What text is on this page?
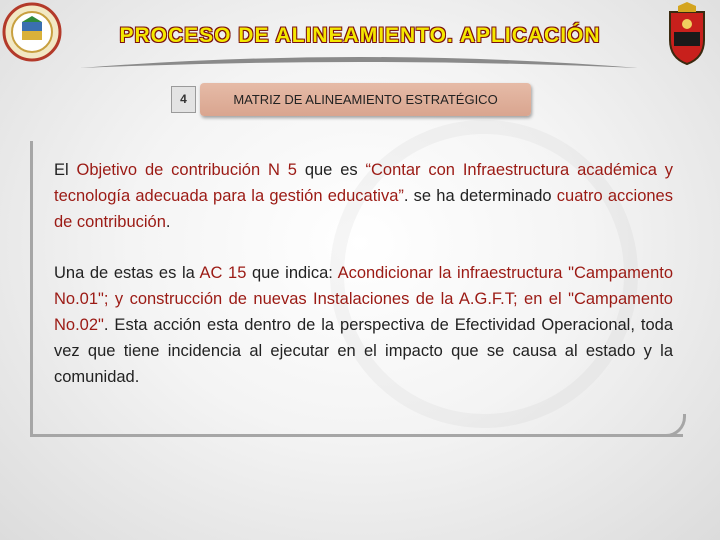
PROCESO DE ALINEAMIENTO. APLICACIÓN
4	MATRIZ DE ALINEAMIENTO ESTRATÉGICO

El Objetivo de contribución N 5 que es “Contar con Infraestructura académica y tecnología adecuada para la gestión educativa”. se ha determinado cuatro acciones de contribución.

Una de estas es la AC 15 que indica: Acondicionar la infraestructura "Campamento No.01"; y construcción de nuevas Instalaciones de la A.G.F.T; en el "Campamento No.02". Esta acción esta dentro de la perspectiva de Efectividad Operacional, toda vez que tiene incidencia al ejecutar en el impacto que se causa al estado y la comunidad.
